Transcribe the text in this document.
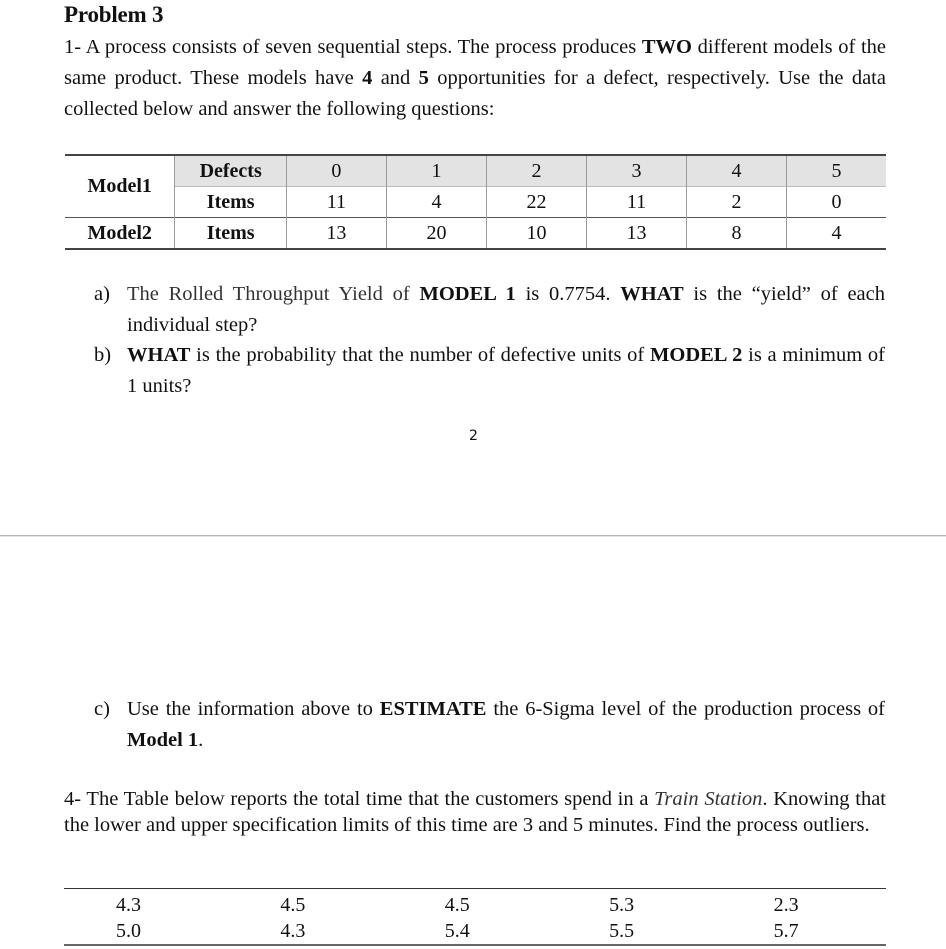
Problem 3
1- A process consists of seven sequential steps. The process produces TWO different models of the same product. These models have 4 and 5 opportunities for a defect, respectively. Use the data collected below and answer the following questions:
Model1	Defects	0	1	2	3	4	5
	Items	11	4	22	11	2	0
Model2	Items	13	20	10	13	8	4
a) The Rolled Throughput Yield of MODEL 1 is 0.7754. WHAT is the “yield” of each individual step?
b) WHAT is the probability that the number of defective units of MODEL 2 is a minimum of 1 units?
2
c) Use the information above to ESTIMATE the 6-Sigma level of the production process of Model 1.
4- The Table below reports the total time that the customers spend in a Train Station. Knowing that the lower and upper specification limits of this time are 3 and 5 minutes. Find the process outliers.
4.3	4.5	4.5	5.3	2.3
5.0	4.3	5.4	5.5	5.7
